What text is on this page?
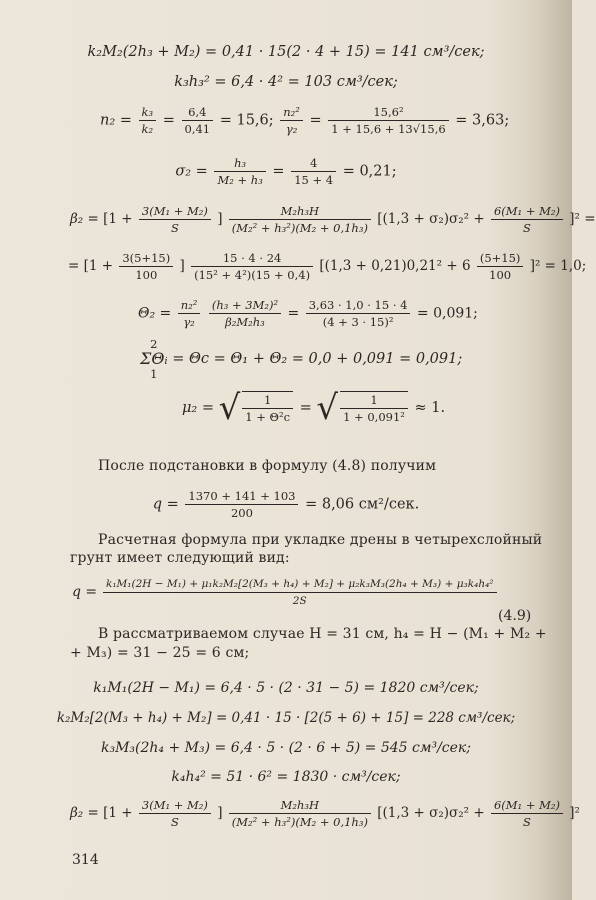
k₂M₂(2h₃ + M₂) = 0,41 · 15(2 · 4 + 15) = 141 см³/сек;
k₃h₃² = 6,4 · 4² = 103 см³/сек;
$n_2 = \frac{\text{k₃}}{\text{k₂}} = \frac{6,4}{0,41} = 15,6$; $\frac{\text{n₂²}}{\text{γ₂}} = \frac{\text{15,6²}}{1 + 15,6 + 13√15,6} = 3,63$;
$\sigma_2 = \frac{\text{h₃}}{\text{M₂ + h₃}} = \frac{4}{15 + 4} = 0,21$;
$\beta_2 = [1 + \frac{\text{3(M₁ + M₂)}}{S}$ ] $\frac{\text{M₂h₃H}}{\text{(M₂² + h₃²)(M₂ + 0,1h₃)}} [(1,3 + \sigma_2)\sigma_2^2 + \frac{\text{6(M₁ + M₂)}}{S} ]^2$ =
= [$1 + \frac{3(5+15)}{100}$ ] $\frac{15 \cdot 4 \cdot 24}{\text{(15² + 4²)(15 + 0,4)}} [(1,3 + 0,21)0,21^2 + 6 \frac{(5+15)}{100} ]^2 = 1,0$;
$\Theta_2 = \frac{\text{n₂²}}{\text{γ₂}}$
$\frac{\text{(h₃ + 3M₂)²}}{\text{β₂M₂h₃}} = \frac{3,63 \cdot 1,0 \cdot 15 \cdot 4}{\text{(4 + 3 · 15)²}} = 0,091$;
2
ΣΘᵢ
1
= Θc = Θ₁ + Θ₂ = 0,0 + 0,091 = 0,091;
μ₂ = √ $\frac{1}{\text{1 + Θ²c}}$ = √ $\frac{1}{\text{1 + 0,091²}} \approx 1$.
После подстановки в формулу (4.8) получим
$q = \frac{1370 + 141 + 103}{200} = 8,06$ см²/сек.
Расчетная формула при укладке дрены в четырехслойный
грунт имеет следующий вид:
q = k₁M₁(2H − M₁) + μ₁k₂M₂[2(M₃ + h₄) + M₂] + μ₂k₃M₃(2h₄ + M₃) + μ₃k₄h₄²
2S
(4.9)
В рассматриваемом случае H = 31 см, h₄ = H − (M₁ + M₂ +
+ M₃) = 31 − 25 = 6 см;
k₁M₁(2H − M₁) = 6,4 · 5 · (2 · 31 − 5) = 1820 см³/сек;
k₂M₂[2(M₃ + h₄) + M₂] = 0,41 · 15 · [2(5 + 6) + 15] = 228 см³/сек;
k₃M₃(2h₄ + M₃) = 6,4 · 5 · (2 · 6 + 5) = 545 см³/сек;
k₄h₄² = 51 · 6² = 1830 · см³/сек;
$\beta_2 = [1 + \frac{\text{3(M₁ + M₂)}}{S}$ ] $\frac{\text{M₂h₃H}}{\text{(M₂² + h₃²)(M₂ + 0,1h₃)}} [(1,3 + \sigma_2)\sigma_2^2 + \frac{\text{6(M₁ + M₂)}}{S} ]^2$
314
